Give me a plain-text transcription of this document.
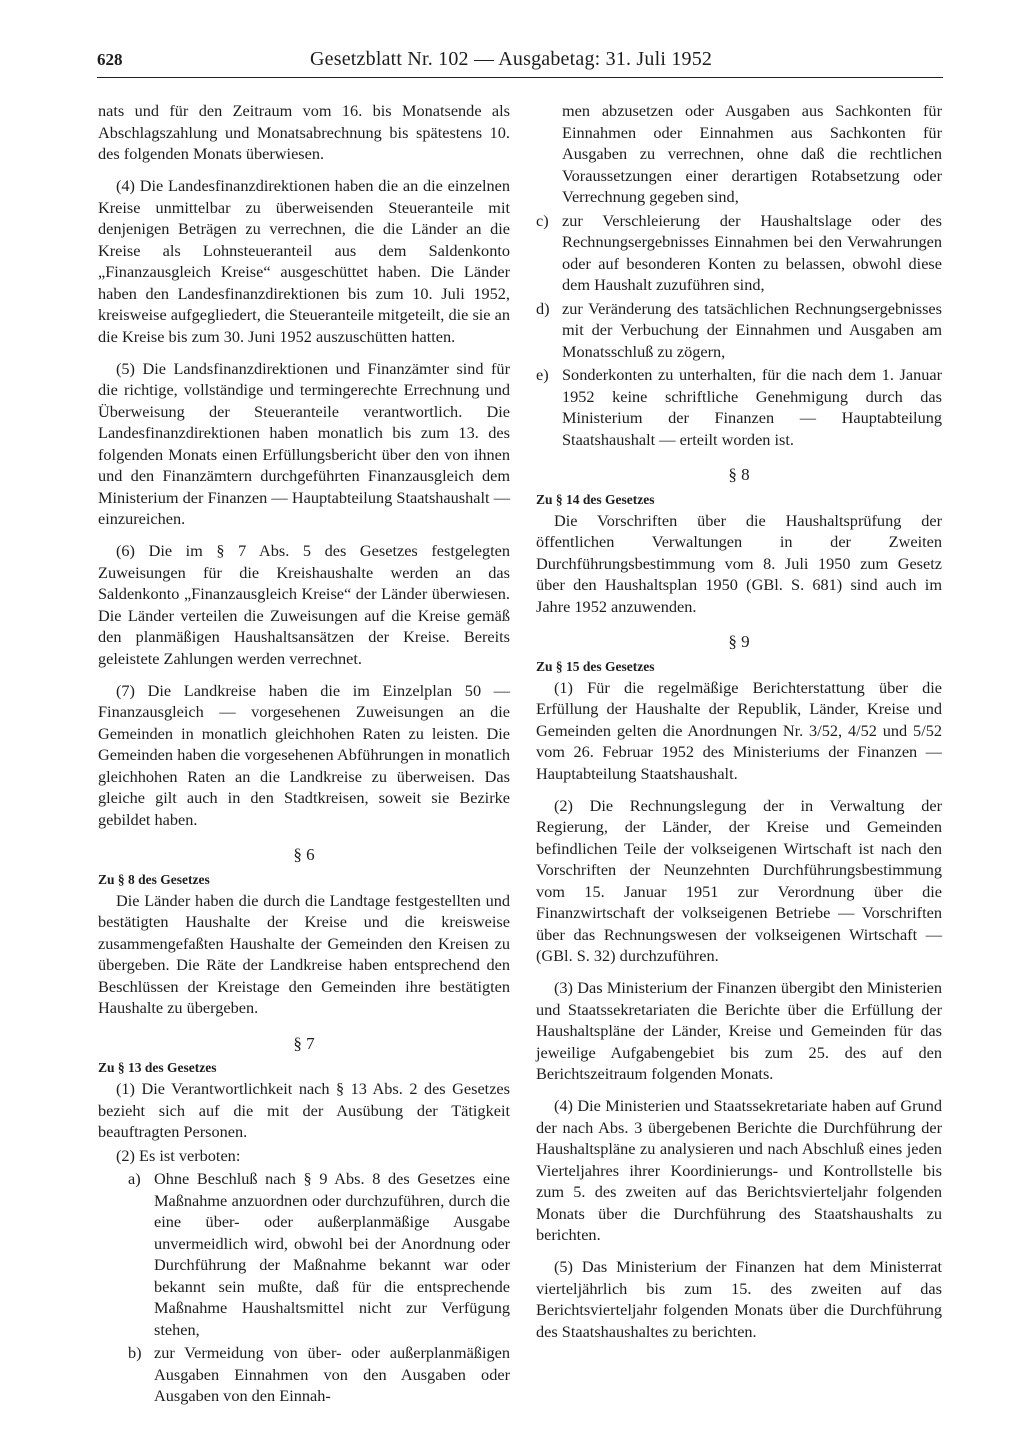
628	Gesetzblatt Nr. 102 — Ausgabetag: 31. Juli 1952

nats und für den Zeitraum vom 16. bis Monatsende als Abschlagszahlung und Monatsabrechnung bis spätestens 10. des folgenden Monats überwiesen.

(4) Die Landesfinanzdirektionen haben die an die einzelnen Kreise unmittelbar zu überweisenden Steueranteile mit denjenigen Beträgen zu verrechnen, die die Länder an die Kreise als Lohnsteueranteil aus dem Saldenkonto „Finanzausgleich Kreise“ ausgeschüttet haben. Die Länder haben den Landesfinanzdirektionen bis zum 10. Juli 1952, kreisweise aufgegliedert, die Steueranteile mitgeteilt, die sie an die Kreise bis zum 30. Juni 1952 auszuschütten hatten.

(5) Die Landsfinanzdirektionen und Finanzämter sind für die richtige, vollständige und termingerechte Errechnung und Überweisung der Steueranteile verantwortlich. Die Landesfinanzdirektionen haben monatlich bis zum 13. des folgenden Monats einen Erfüllungsbericht über den von ihnen und den Finanzämtern durchgeführten Finanzausgleich dem Ministerium der Finanzen — Hauptabteilung Staatshaushalt — einzureichen.

(6) Die im § 7 Abs. 5 des Gesetzes festgelegten Zuweisungen für die Kreishaushalte werden an das Saldenkonto „Finanzausgleich Kreise“ der Länder überwiesen. Die Länder verteilen die Zuweisungen auf die Kreise gemäß den planmäßigen Haushaltsansätzen der Kreise. Bereits geleistete Zahlungen werden verrechnet.

(7) Die Landkreise haben die im Einzelplan 50 — Finanzausgleich — vorgesehenen Zuweisungen an die Gemeinden in monatlich gleichhohen Raten zu leisten. Die Gemeinden haben die vorgesehenen Abführungen in monatlich gleichhohen Raten an die Landkreise zu überweisen. Das gleiche gilt auch in den Stadtkreisen, soweit sie Bezirke gebildet haben.

§ 6
Zu § 8 des Gesetzes

Die Länder haben die durch die Landtage festgestellten und bestätigten Haushalte der Kreise und die kreisweise zusammengefaßten Haushalte der Gemeinden den Kreisen zu übergeben. Die Räte der Landkreise haben entsprechend den Beschlüssen der Kreistage den Gemeinden ihre bestätigten Haushalte zu übergeben.

§ 7
Zu § 13 des Gesetzes

(1) Die Verantwortlichkeit nach § 13 Abs. 2 des Gesetzes bezieht sich auf die mit der Ausübung der Tätigkeit beauftragten Personen.

(2) Es ist verboten:

a) Ohne Beschluß nach § 9 Abs. 8 des Gesetzes eine Maßnahme anzuordnen oder durchzuführen, durch die eine über- oder außerplanmäßige Ausgabe unvermeidlich wird, obwohl bei der Anordnung oder Durchführung der Maßnahme bekannt war oder bekannt sein mußte, daß für die entsprechende Maßnahme Haushaltsmittel nicht zur Verfügung stehen,
b) zur Vermeidung von über- oder außerplanmäßigen Ausgaben Einnahmen von den Ausgaben oder Ausgaben von den Einnah-
men abzusetzen oder Ausgaben aus Sachkonten für Einnahmen oder Einnahmen aus Sachkonten für Ausgaben zu verrechnen, ohne daß die rechtlichen Voraussetzungen einer derartigen Rotabsetzung oder Verrechnung gegeben sind,
c) zur Verschleierung der Haushaltslage oder des Rechnungsergebnisses Einnahmen bei den Verwahrungen oder auf besonderen Konten zu belassen, obwohl diese dem Haushalt zuzuführen sind,
d) zur Veränderung des tatsächlichen Rechnungsergebnisses mit der Verbuchung der Einnahmen und Ausgaben am Monatsschluß zu zögern,
e) Sonderkonten zu unterhalten, für die nach dem 1. Januar 1952 keine schriftliche Genehmigung durch das Ministerium der Finanzen — Hauptabteilung Staatshaushalt — erteilt worden ist.
§ 8
Zu § 14 des Gesetzes

Die Vorschriften über die Haushaltsprüfung der öffentlichen Verwaltungen in der Zweiten Durchführungsbestimmung vom 8. Juli 1950 zum Gesetz über den Haushaltsplan 1950 (GBl. S. 681) sind auch im Jahre 1952 anzuwenden.

§ 9
Zu § 15 des Gesetzes

(1) Für die regelmäßige Berichterstattung über die Erfüllung der Haushalte der Republik, Länder, Kreise und Gemeinden gelten die Anordnungen Nr. 3/52, 4/52 und 5/52 vom 26. Februar 1952 des Ministeriums der Finanzen — Hauptabteilung Staatshaushalt.

(2) Die Rechnungslegung der in Verwaltung der Regierung, der Länder, der Kreise und Gemeinden befindlichen Teile der volkseigenen Wirtschaft ist nach den Vorschriften der Neunzehnten Durchführungsbestimmung vom 15. Januar 1951 zur Verordnung über die Finanzwirtschaft der volkseigenen Betriebe — Vorschriften über das Rechnungswesen der volkseigenen Wirtschaft — (GBl. S. 32) durchzuführen.

(3) Das Ministerium der Finanzen übergibt den Ministerien und Staatssekretariaten die Berichte über die Erfüllung der Haushaltspläne der Länder, Kreise und Gemeinden für das jeweilige Aufgabengebiet bis zum 25. des auf den Berichtszeitraum folgenden Monats.

(4) Die Ministerien und Staatssekretariate haben auf Grund der nach Abs. 3 übergebenen Berichte die Durchführung der Haushaltspläne zu analysieren und nach Abschluß eines jeden Vierteljahres ihrer Koordinierungs- und Kontrollstelle bis zum 5. des zweiten auf das Berichtsvierteljahr folgenden Monats über die Durchführung des Staatshaushalts zu berichten.

(5) Das Ministerium der Finanzen hat dem Ministerrat vierteljährlich bis zum 15. des zweiten auf das Berichtsvierteljahr folgenden Monats über die Durchführung des Staatshaushaltes zu berichten.
